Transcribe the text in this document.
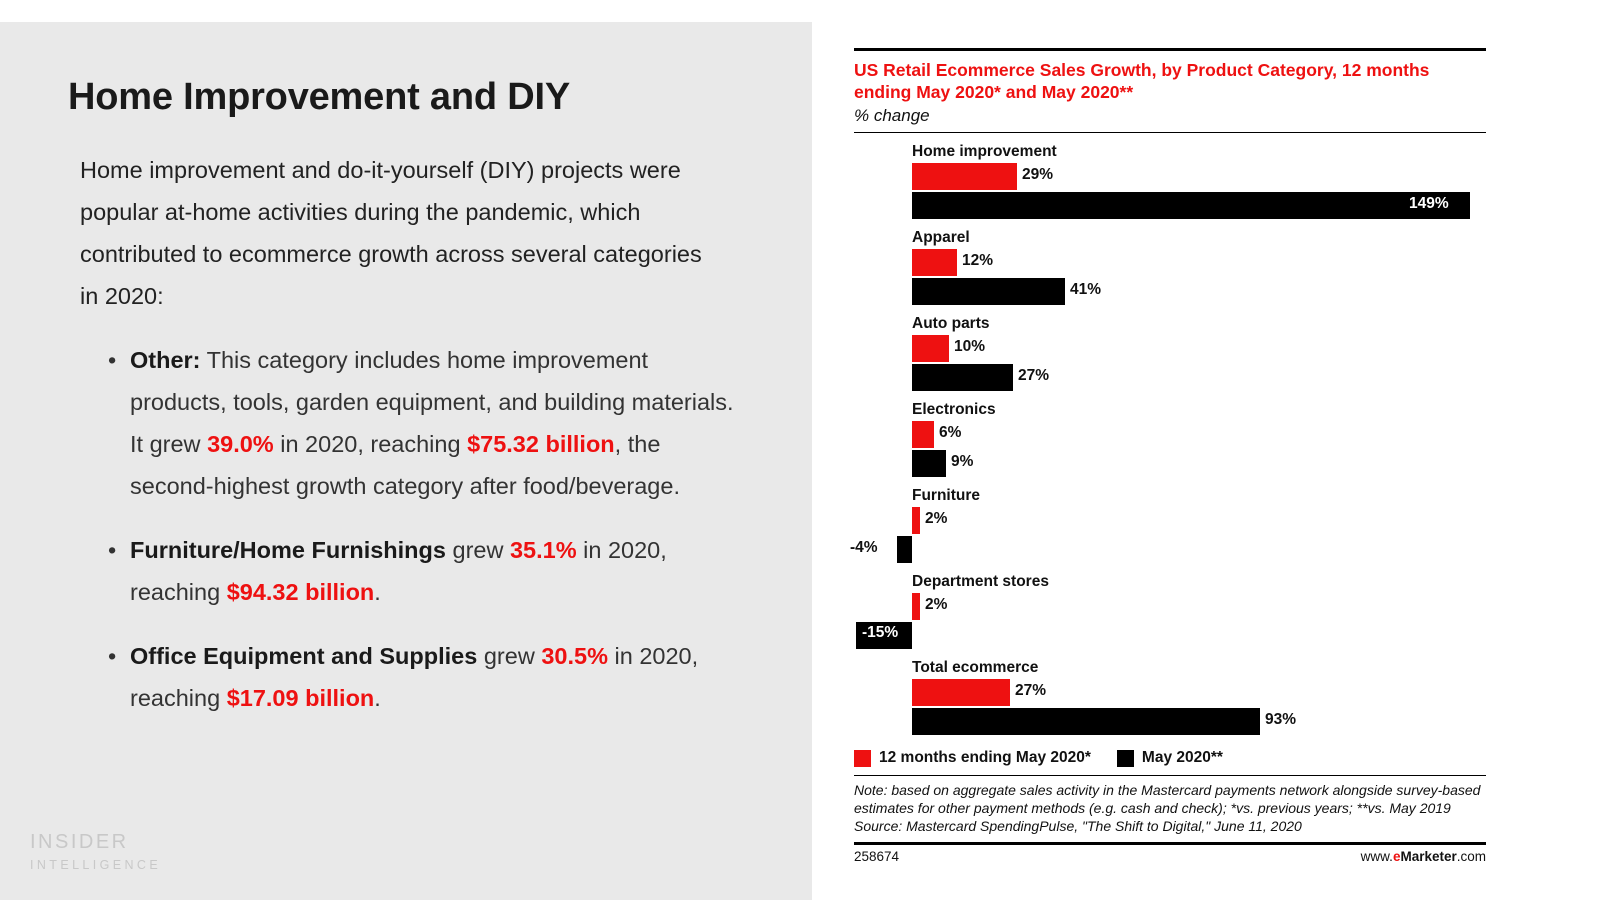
Home Improvement and DIY

Home improvement and do-it-yourself (DIY) projects were popular at-home activities during the pandemic, which contributed to ecommerce growth across several categories in 2020:

• Other: This category includes home improvement products, tools, garden equipment, and building materials. It grew 39.0% in 2020, reaching $75.32 billion, the second-highest growth category after food/beverage.
• Furniture/Home Furnishings grew 35.1% in 2020, reaching $94.32 billion.
• Office Equipment and Supplies grew 30.5% in 2020, reaching $17.09 billion.
INSIDER
INTELLIGENCE
US Retail Ecommerce Sales Growth, by Product Category, 12 months ending May 2020* and May 2020**
% change
Home improvement
29%
149%
Apparel
12%
41%
Auto parts
10%
27%
Electronics
6%
9%
Furniture
2%
-4%
Department stores
2%
-15%
Total ecommerce
27%
93%
12 months ending May 2020*	May 2020**

Note: based on aggregate sales activity in the Mastercard payments network alongside survey-based estimates for other payment methods (e.g. cash and check); *vs. previous years; **vs. May 2019

Source: Mastercard SpendingPulse, "The Shift to Digital," June 11, 2020

258674	www.eMarketer.com
